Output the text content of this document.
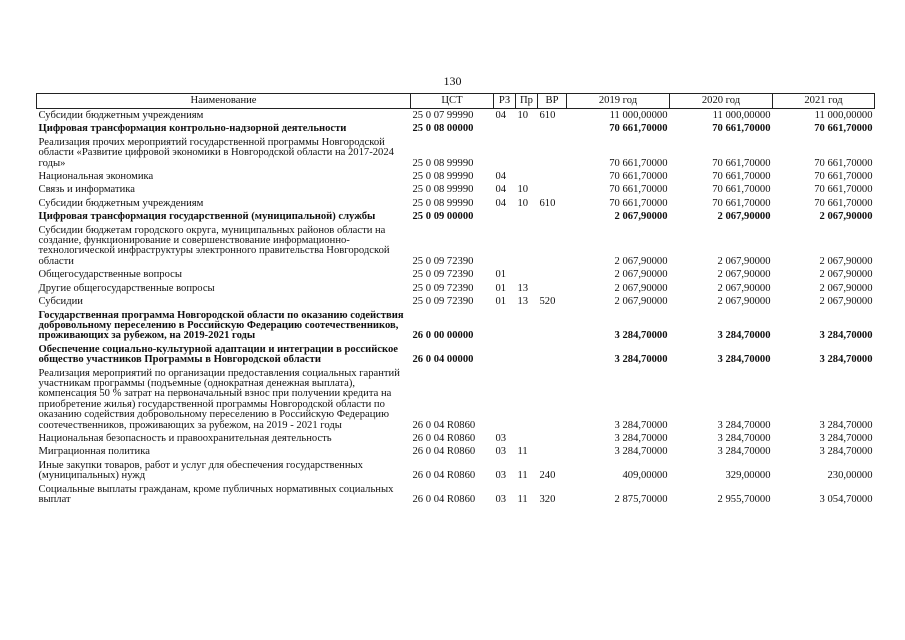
130
Наименование	ЦСТ	РЗ	Пр	ВР	2019 год	2020 год	2021 год
Субсидии бюджетным учреждениям	25 0 07 99990	04	10	610	11 000,00000	11 000,00000	11 000,00000
Цифровая трансформация контрольно-надзорной деятельности	25 0 08 00000				70 661,70000	70 661,70000	70 661,70000
Реализация прочих мероприятий государственной программы Новгородской области «Развитие цифровой экономики в Новгородской области на 2017-2024 годы»	25 0 08 99990				70 661,70000	70 661,70000	70 661,70000
Национальная экономика	25 0 08 99990	04			70 661,70000	70 661,70000	70 661,70000
Связь и информатика	25 0 08 99990	04	10		70 661,70000	70 661,70000	70 661,70000
Субсидии бюджетным учреждениям	25 0 08 99990	04	10	610	70 661,70000	70 661,70000	70 661,70000
Цифровая трансформация государственной (муниципальной) службы	25 0 09 00000				2 067,90000	2 067,90000	2 067,90000
Субсидии бюджетам городского округа, муниципальных районов области на создание, функционирование и совершенствование информационно-технологической инфраструктуры электронного правительства Новгородской области	25 0 09 72390				2 067,90000	2 067,90000	2 067,90000
Общегосударственные вопросы	25 0 09 72390	01			2 067,90000	2 067,90000	2 067,90000
Другие общегосударственные вопросы	25 0 09 72390	01	13		2 067,90000	2 067,90000	2 067,90000
Субсидии	25 0 09 72390	01	13	520	2 067,90000	2 067,90000	2 067,90000
Государственная программа Новгородской области по оказанию содействия добровольному переселению в Российскую Федерацию соотечественников, проживающих за рубежом, на 2019-2021 годы	26 0 00 00000				3 284,70000	3 284,70000	3 284,70000
Обеспечение социально-культурной адаптации и интеграции в российское общество участников Программы в Новгородской области	26 0 04 00000				3 284,70000	3 284,70000	3 284,70000
Реализация мероприятий по организации предоставления социальных гарантий участникам программы (подъемные (однократная денежная выплата), компенсация 50 % затрат на первоначальный взнос при получении кредита на приобретение жилья) государственной программы Новгородской области по оказанию содействия добровольному переселению в Российскую Федерацию соотечественников, проживающих за рубежом, на 2019 - 2021 годы	26 0 04 R0860				3 284,70000	3 284,70000	3 284,70000
Национальная безопасность и правоохранительная деятельность	26 0 04 R0860	03			3 284,70000	3 284,70000	3 284,70000
Миграционная политика	26 0 04 R0860	03	11		3 284,70000	3 284,70000	3 284,70000
Иные закупки товаров, работ и услуг для обеспечения государственных (муниципальных) нужд	26 0 04 R0860	03	11	240	409,00000	329,00000	230,00000
Социальные выплаты гражданам, кроме публичных нормативных социальных выплат	26 0 04 R0860	03	11	320	2 875,70000	2 955,70000	3 054,70000
